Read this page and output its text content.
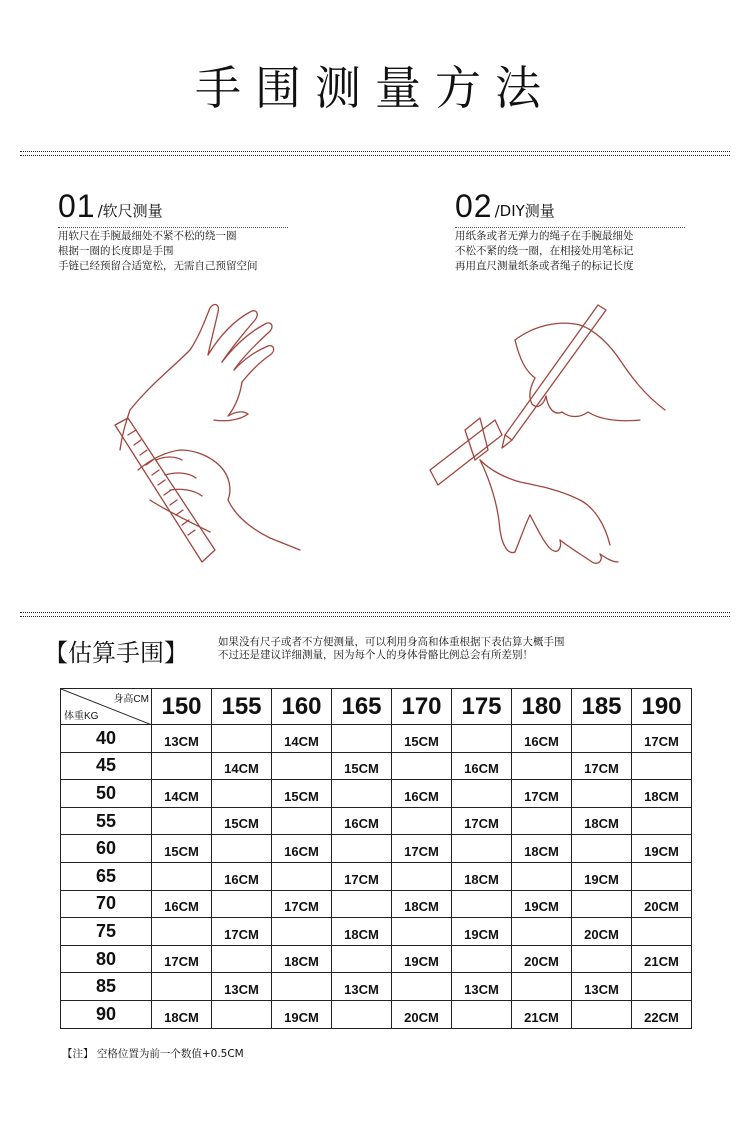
手围测量方法
01 /软尺测量
用软尺在手腕最细处不紧不松的绕一圈
根据一圈的长度即是手围
手链已经预留合适宽松，无需自己预留空间
02 /DIY测量
用纸条或者无弹力的绳子在手腕最细处
不松不紧的绕一圈，在相接处用笔标记
再用直尺测量纸条或者绳子的标记长度
【估算手围】	如果没有尺子或者不方便测量，可以利用身高和体重根据下表估算大概手围
不过还是建议详细测量，因为每个人的身体骨骼比例总会有所差别！
身高CM
体重KG	150	155	160	165	170	175	180	185	190
40	13CM		14CM		15CM		16CM		17CM
45		14CM		15CM		16CM		17CM	
50	14CM		15CM		16CM		17CM		18CM
55		15CM		16CM		17CM		18CM	
60	15CM		16CM		17CM		18CM		19CM
65		16CM		17CM		18CM		19CM	
70	16CM		17CM		18CM		19CM		20CM
75		17CM		18CM		19CM		20CM	
80	17CM		18CM		19CM		20CM		21CM
85		13CM		13CM		13CM		13CM	
90	18CM		19CM		20CM		21CM		22CM
【注】 空格位置为前一个数值+0.5CM
